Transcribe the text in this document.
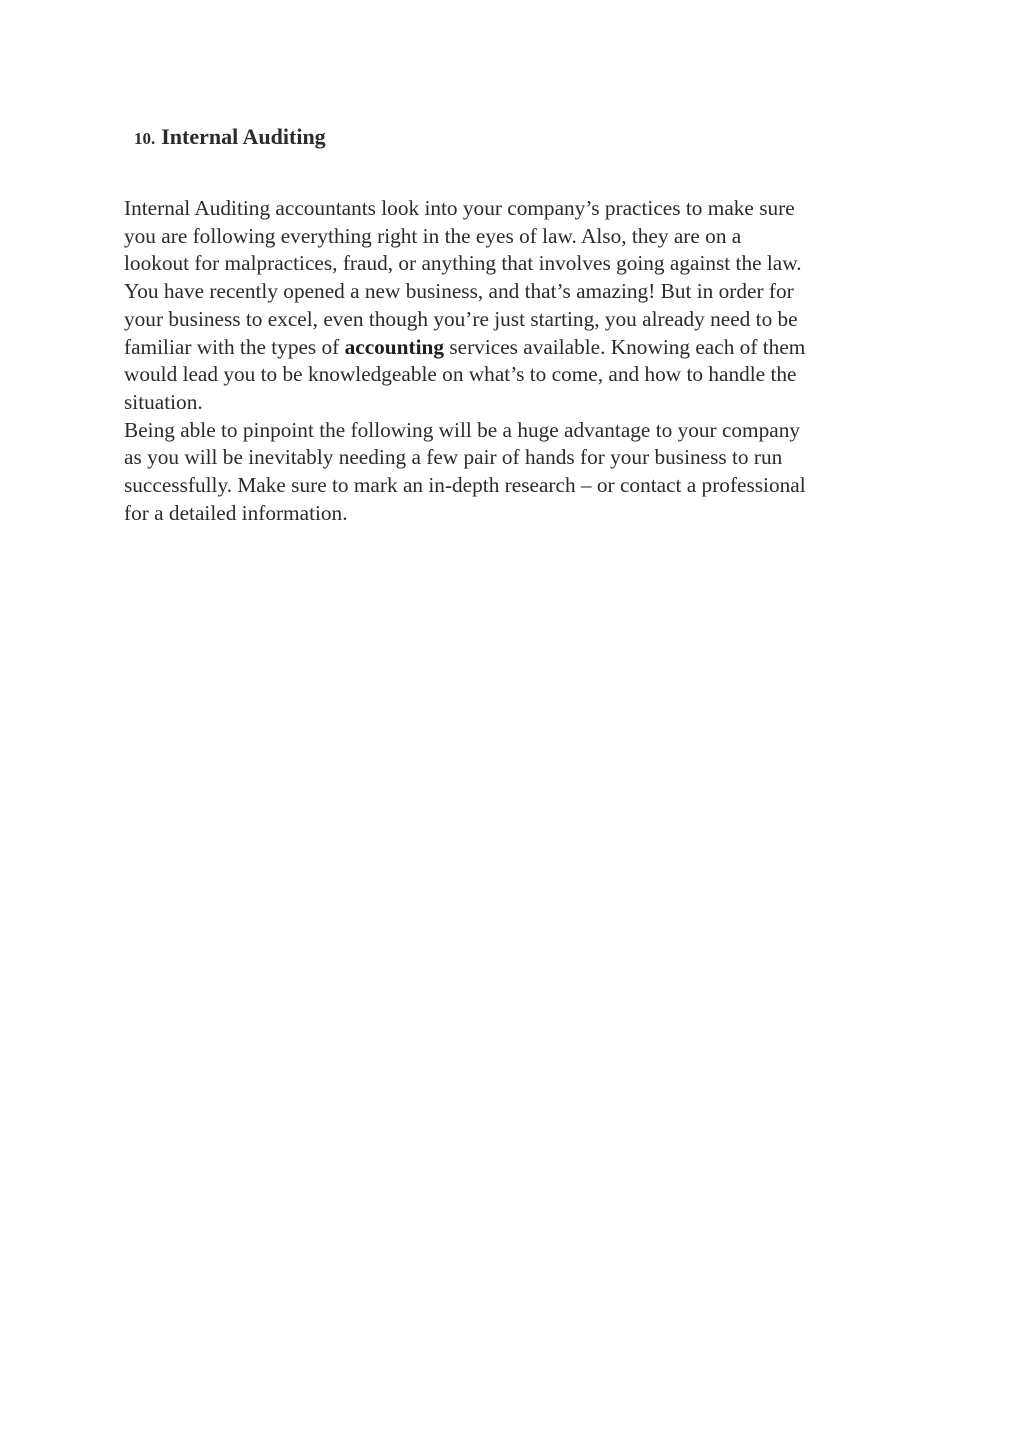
10. Internal Auditing
Internal Auditing accountants look into your company’s practices to make sure
you are following everything right in the eyes of law. Also, they are on a
lookout for malpractices, fraud, or anything that involves going against the law.
You have recently opened a new business, and that’s amazing! But in order for
your business to excel, even though you’re just starting, you already need to be
familiar with the types of accounting services available. Knowing each of them
would lead you to be knowledgeable on what’s to come, and how to handle the
situation.
Being able to pinpoint the following will be a huge advantage to your company
as you will be inevitably needing a few pair of hands for your business to run
successfully. Make sure to mark an in-depth research – or contact a professional
for a detailed information.
